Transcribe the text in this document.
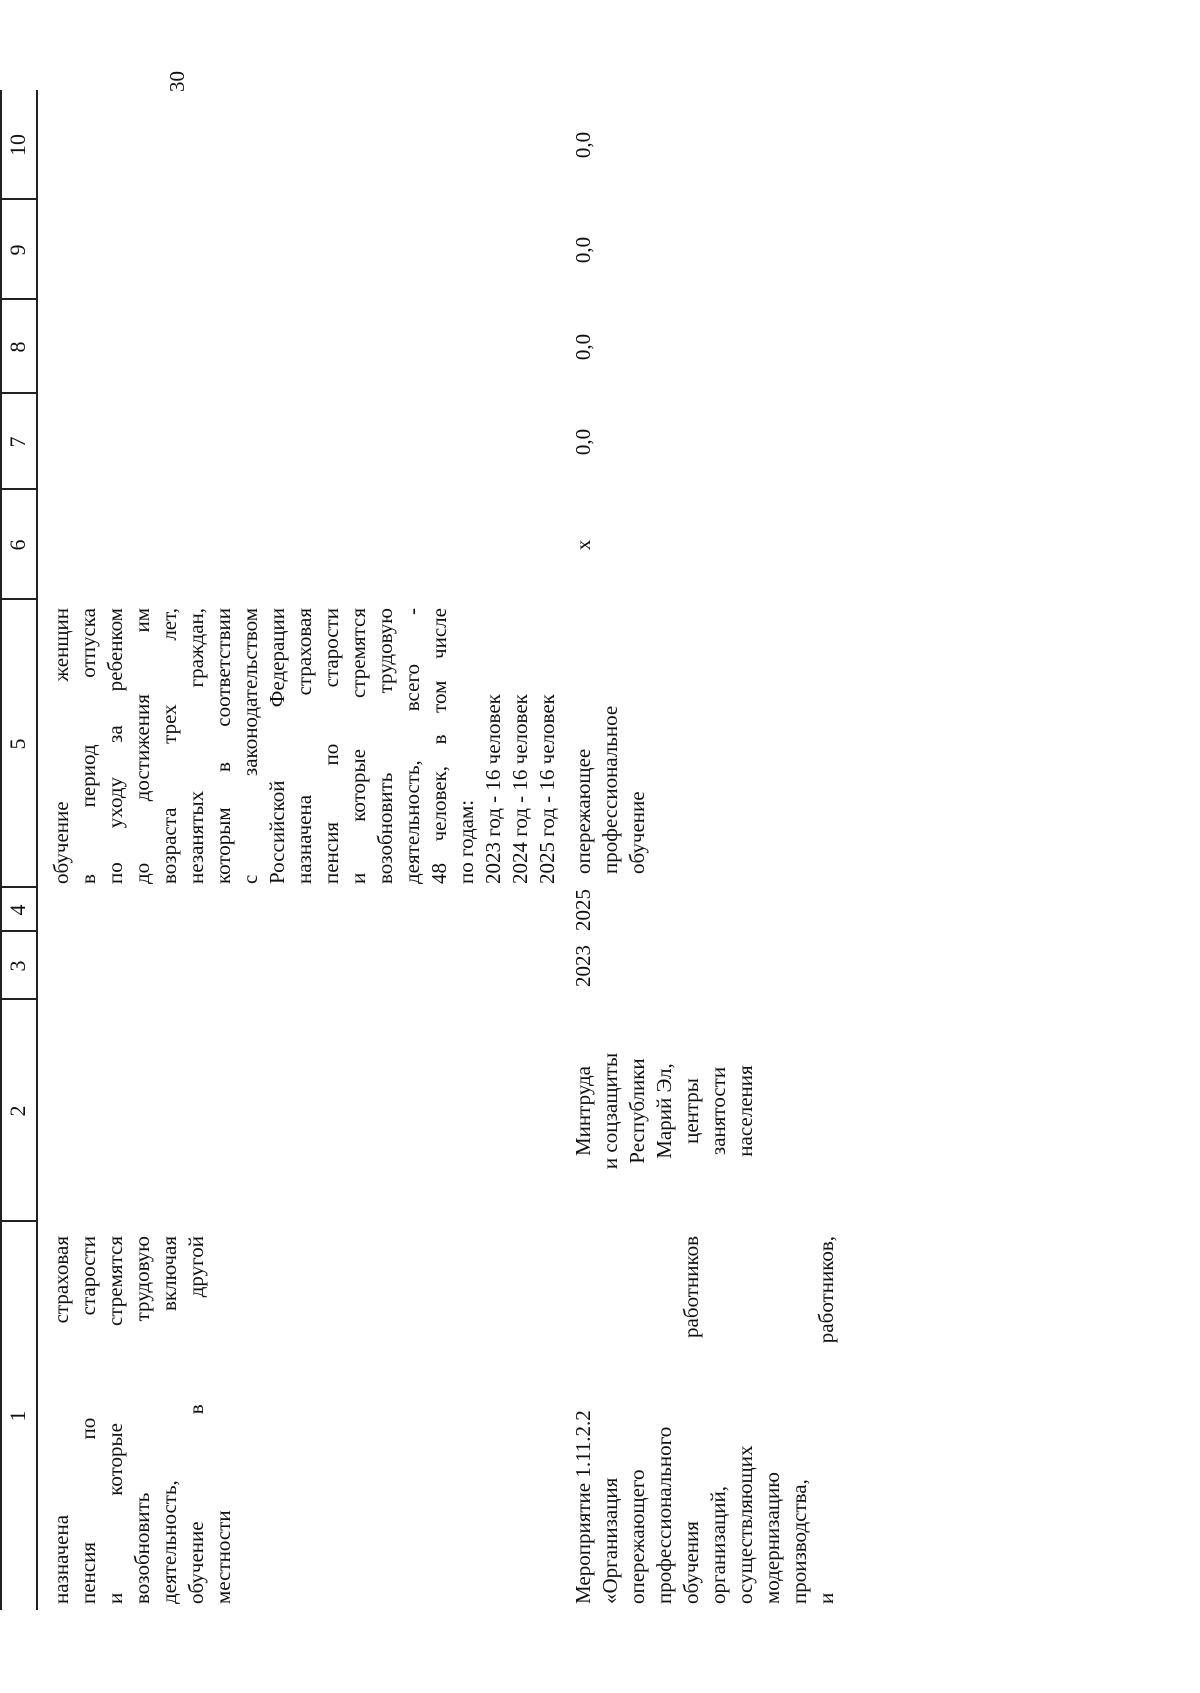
30
1
2
3
4
5
6
7
8
9
10
назначена
страховая
пенсия
по
старости
и
которые
стремятся
возобновить
трудовую
деятельность,
включая
обучение
в
другой
местности
обучение
женщин
в
период
отпуска
по
уходу
за
ребенком
до
достижения
им
возраста
трех
лет,
незанятых
граждан,
которым
в
соответствии
с
законодательством
Российской
Федерации
назначена
страховая
пенсия
по
старости
и
которые
стремятся
возобновить
трудовую
деятельность,
всего
-
48
человек,
в
том
числе
по годам: 2023 год - 16 человек 2024 год - 16 человек 2025 год - 16 человек
Мероприятие 1.11.2.2 «Организация опережающего профессионального обучения
работников
организаций, осуществляющих модернизацию производства, и
работников,
Минтруда и соцзащиты Республики Марий Эл, центры занятости населения
2023
2025
опережающее профессиональное обучение
x
0,0
0,0
0,0
0,0
